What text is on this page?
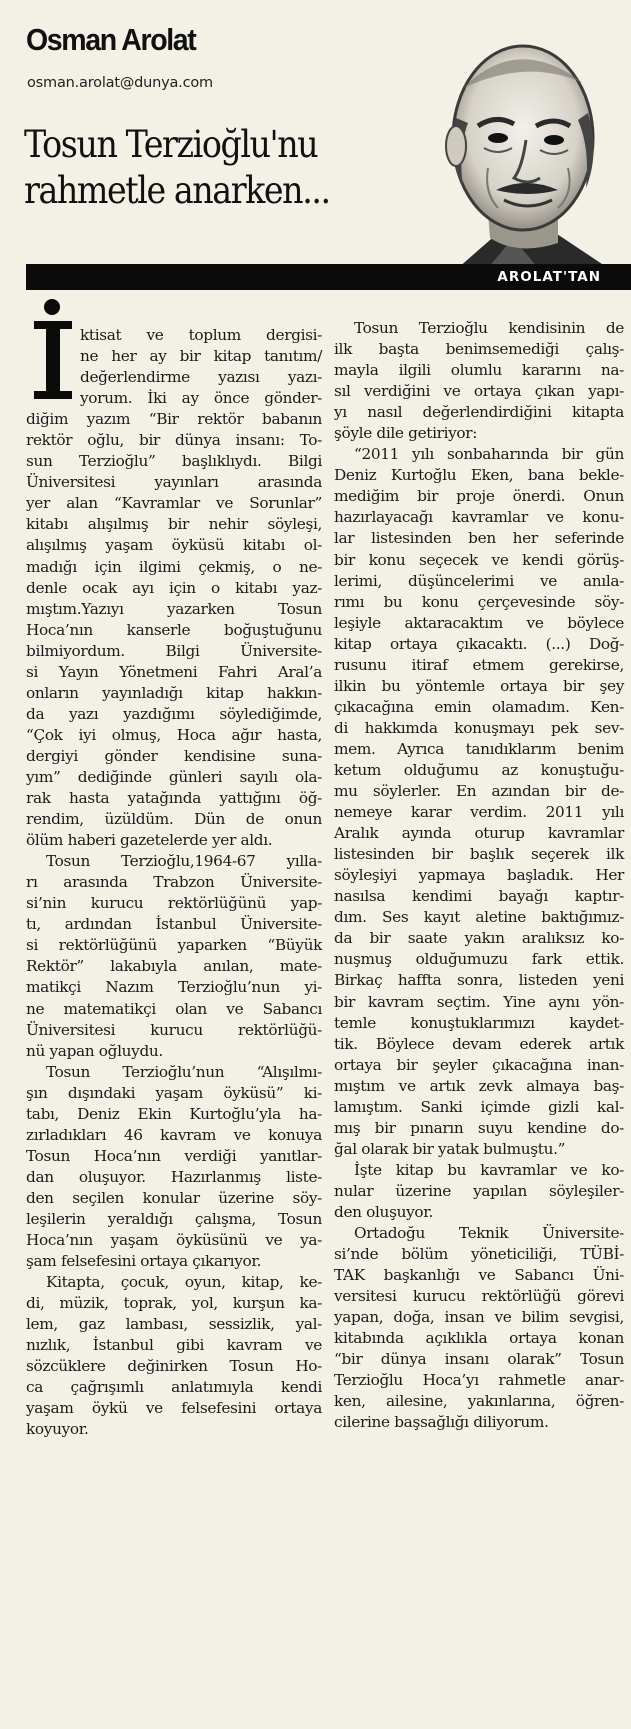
Osman Arolat
osman.arolat@dunya.com
Tosun Terzioğlu'nu
rahmetle anarken...
AROLAT'TAN

ktisat ve toplum dergisi-
ne her ay bir kitap tanıtım/
değerlendirme yazısı yazı-
yorum. İki ay önce gönder-
diğim yazım “Bir rektör babanın
rektör oğlu, bir dünya insanı: To-
sun Terzioğlu” başlıklıydı. Bilgi
Üniversitesi yayınları arasında
yer alan “Kavramlar ve Sorunlar”
kitabı alışılmış bir nehir söyleşi,
alışılmış yaşam öyküsü kitabı ol-
madığı için ilgimi çekmiş, o ne-
denle ocak ayı için o kitabı yaz-
mıştım.Yazıyı yazarken Tosun
Hoca’nın kanserle boğuştuğunu
bilmiyordum. Bilgi Üniversite-
si Yayın Yönetmeni Fahri Aral’a
onların yayınladığı kitap hakkın-
da yazı yazdığımı söylediğimde,
“Çok iyi olmuş, Hoca ağır hasta,
dergiyi gönder kendisine suna-
yım” dediğinde günleri sayılı ola-
rak hasta yatağında yattığını öğ-
rendim, üzüldüm. Dün de onun
ölüm haberi gazetelerde yer aldı.

Tosun Terzioğlu,1964-67 yılla-
rı arasında Trabzon Üniversite-
si’nin kurucu rektörlüğünü yap-
tı, ardından İstanbul Üniversite-
si rektörlüğünü yaparken “Büyük
Rektör” lakabıyla anılan, mate-
matikçi Nazım Terzioğlu’nun yi-
ne matematikçi olan ve Sabancı
Üniversitesi kurucu rektörlüğü-
nü yapan oğluydu.

Tosun Terzioğlu’nun “Alışılmı-
şın dışındaki yaşam öyküsü” ki-
tabı, Deniz Ekin Kurtoğlu’yla ha-
zırladıkları 46 kavram ve konuya
Tosun Hoca’nın verdiği yanıtlar-
dan oluşuyor. Hazırlanmış liste-
den seçilen konular üzerine söy-
leşilerin yeraldığı çalışma, Tosun
Hoca’nın yaşam öyküsünü ve ya-
şam felsefesini ortaya çıkarıyor.

Kitapta, çocuk, oyun, kitap, ke-
di, müzik, toprak, yol, kurşun ka-
lem, gaz lambası, sessizlik, yal-
nızlık, İstanbul gibi kavram ve
sözcüklere değinirken Tosun Ho-
ca çağrışımlı anlatımıyla kendi
yaşam öykü ve felsefesini ortaya
koyuyor.

Tosun Terzioğlu kendisinin de
ilk başta benimsemediği çalış-
mayla ilgili olumlu kararını na-
sıl verdiğini ve ortaya çıkan yapı-
yı nasıl değerlendirdiğini kitapta
şöyle dile getiriyor:

“2011 yılı sonbaharında bir gün
Deniz Kurtoğlu Eken, bana bekle-
mediğim bir proje önerdi. Onun
hazırlayacağı kavramlar ve konu-
lar listesinden ben her seferinde
bir konu seçecek ve kendi görüş-
lerimi, düşüncelerimi ve anıla-
rımı bu konu çerçevesinde söy-
leşiyle aktaracaktım ve böylece
kitap ortaya çıkacaktı. (...) Doğ-
rusunu itiraf etmem gerekirse,
ilkin bu yöntemle ortaya bir şey
çıkacağına emin olamadım. Ken-
di hakkımda konuşmayı pek sev-
mem. Ayrıca tanıdıklarım benim
ketum olduğumu az konuştuğu-
mu söylerler. En azından bir de-
nemeye karar verdim. 2011 yılı
Aralık ayında oturup kavramlar
listesinden bir başlık seçerek ilk
söyleşiyi yapmaya başladık. Her
nasılsa kendimi bayağı kaptır-
dım. Ses kayıt aletine baktığımız-
da bir saate yakın aralıksız ko-
nuşmuş olduğumuzu fark ettik.
Birkaç haffta sonra, listeden yeni
bir kavram seçtim. Yine aynı yön-
temle konuştuklarımızı kaydet-
tik. Böylece devam ederek artık
ortaya bir şeyler çıkacağına inan-
mıştım ve artık zevk almaya baş-
lamıştım. Sanki içimde gizli kal-
mış bir pınarın suyu kendine do-
ğal olarak bir yatak bulmuştu.”

İşte kitap bu kavramlar ve ko-
nular üzerine yapılan söyleşiler-
den oluşuyor.

Ortadoğu Teknik Üniversite-
si’nde bölüm yöneticiliği, TÜBİ-
TAK başkanlığı ve Sabancı Üni-
versitesi kurucu rektörlüğü görevi
yapan, doğa, insan ve bilim sevgisi,
kitabında açıklıkla ortaya konan
“bir dünya insanı olarak” Tosun
Terzioğlu Hoca’yı rahmetle anar-
ken, ailesine, yakınlarına, öğren-
cilerine başsağlığı diliyorum.
